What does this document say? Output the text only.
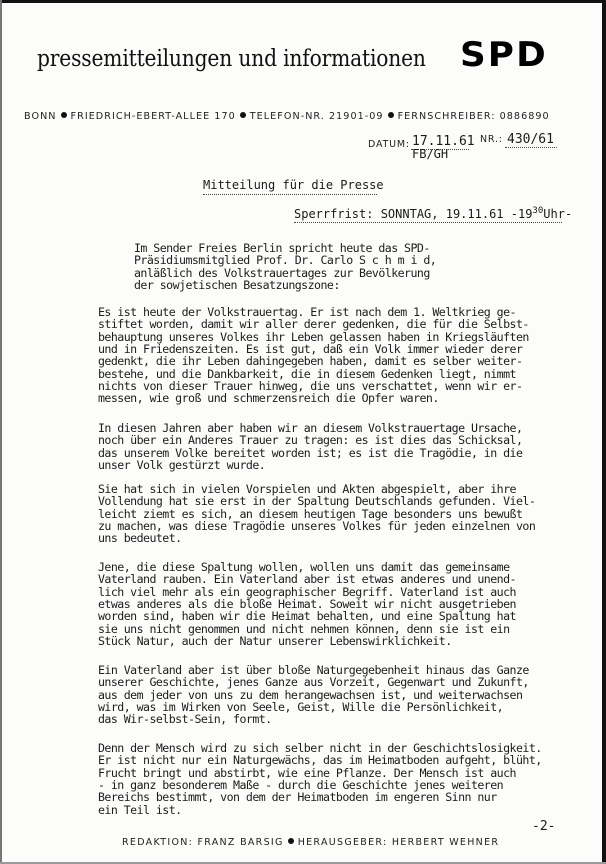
pressemitteilungen und informationen SPD
BONN FRIEDRICH-EBERT-ALLEE 170 TELEFON-NR. 21901-09 FERNSCHREIBER: 0886890
DATUM: 17.11.61 NR.: 430/61
FB/GH
Mitteilung für die Presse
Sperrfrist: SONNTAG, 19.11.61 $-19^{30}Uhr-$
Im Sender Freies Berlin spricht heute das SPD-
Präsidiumsmitglied Prof. Dr. Carlo S c h m i d,
anläßlich des Volkstrauertages zur Bevölkerung
der sowjetischen Besatzungszone:
Es ist heute der Volkstrauertag. Er ist nach dem 1. Weltkrieg ge-
stiftet worden, damit wir aller derer gedenken, die für die Selbst-
behauptung unseres Volkes ihr Leben gelassen haben in Kriegsläuften
und in Friedenszeiten. Es ist gut, daß ein Volk immer wieder derer
gedenkt, die ihr Leben dahingegeben haben, damit es selber weiter-
bestehe, und die Dankbarkeit, die in diesem Gedenken liegt, nimmt
nichts von dieser Trauer hinweg, die uns verschattet, wenn wir er-
messen, wie groß und schmerzensreich die Opfer waren.
In diesen Jahren aber haben wir an diesem Volkstrauertage Ursache,
noch über ein Anderes Trauer zu tragen: es ist dies das Schicksal,
das unserem Volke bereitet worden ist; es ist die Tragödie, in die
unser Volk gestürzt wurde.
Sie hat sich in vielen Vorspielen und Akten abgespielt, aber ihre
Vollendung hat sie erst in der Spaltung Deutschlands gefunden. Viel-
leicht ziemt es sich, an diesem heutigen Tage besonders uns bewußt
zu machen, was diese Tragödie unseres Volkes für jeden einzelnen von
uns bedeutet.
Jene, die diese Spaltung wollen, wollen uns damit das gemeinsame
Vaterland rauben. Ein Vaterland aber ist etwas anderes und unend-
lich viel mehr als ein geographischer Begriff. Vaterland ist auch
etwas anderes als die bloße Heimat. Soweit wir nicht ausgetrieben
worden sind, haben wir die Heimat behalten, und eine Spaltung hat
sie uns nicht genommen und nicht nehmen können, denn sie ist ein
Stück Natur, auch der Natur unserer Lebenswirklichkeit.
Ein Vaterland aber ist über bloße Naturgegebenheit hinaus das Ganze
unserer Geschichte, jenes Ganze aus Vorzeit, Gegenwart und Zukunft,
aus dem jeder von uns zu dem herangewachsen ist, und weiterwachsen
wird, was im Wirken von Seele, Geist, Wille die Persönlichkeit,
das Wir-selbst-Sein, formt.
Denn der Mensch wird zu sich selber nicht in der Geschichtslosigkeit.
Er ist nicht nur ein Naturgewächs, das im Heimatboden aufgeht, blüht,
Frucht bringt und abstirbt, wie eine Pflanze. Der Mensch ist auch
- in ganz besonderem Maße - durch die Geschichte jenes weiteren
Bereichs bestimmt, von dem der Heimatboden im engeren Sinn nur
ein Teil ist.
-2-
REDAKTION: FRANZ BARSIG HERAUSGEBER: HERBERT WEHNER
